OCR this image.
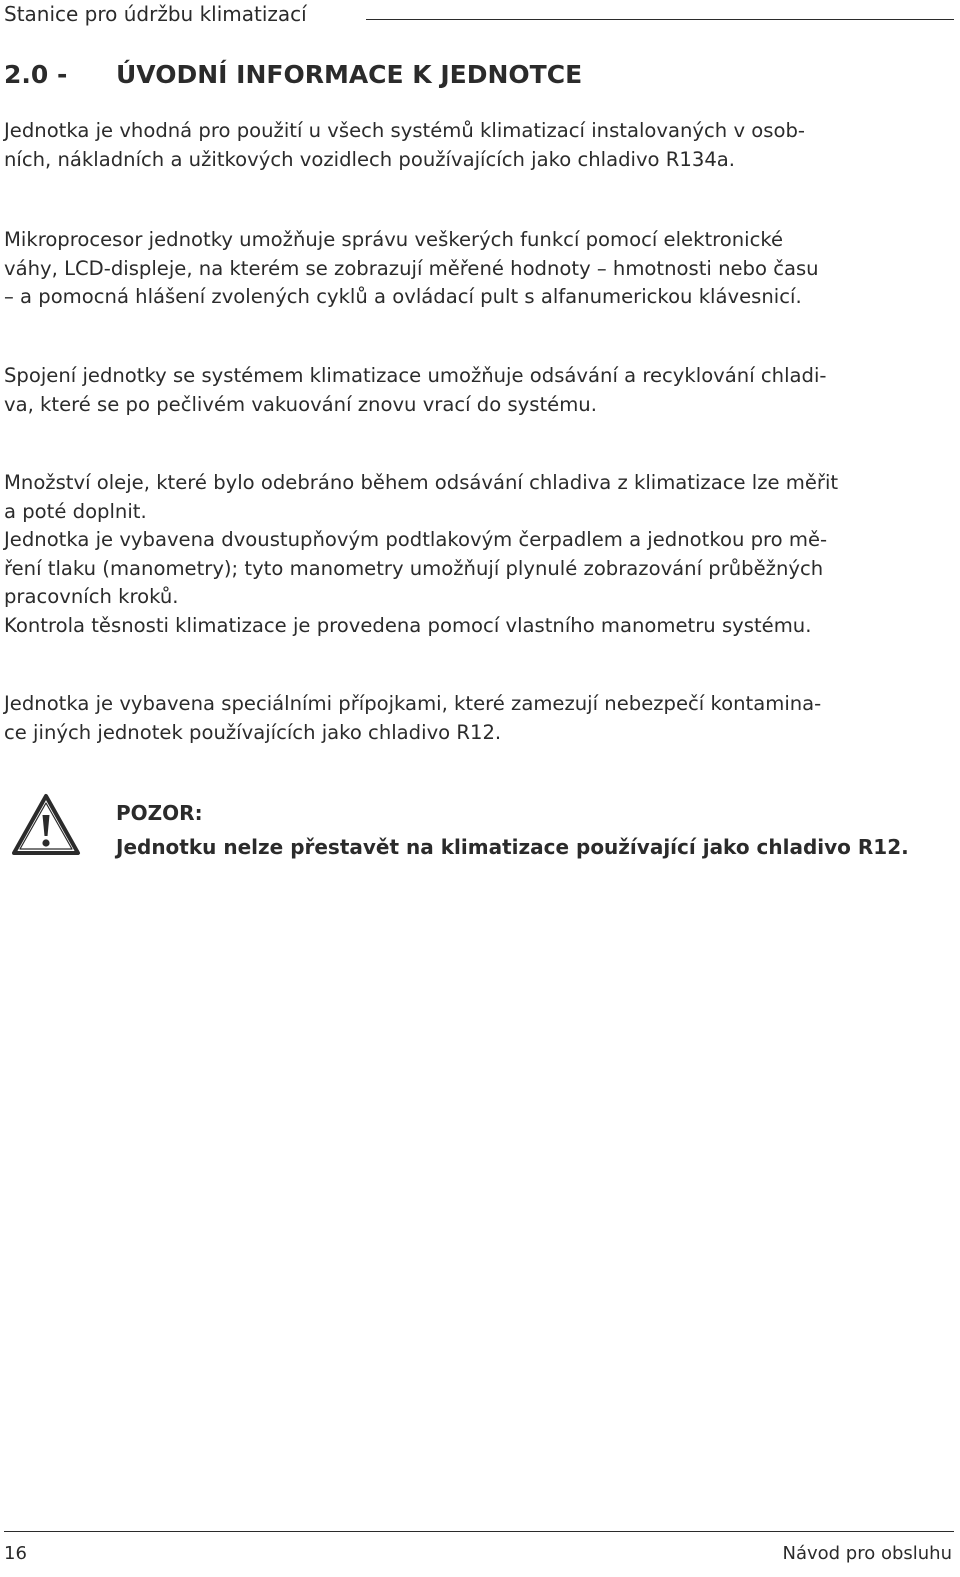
Stanice pro údržbu klimatizací
2.0 - ÚVODNÍ INFORMACE K JEDNOTCE
Jednotka je vhodná pro použití u všech systémů klimatizací instalovaných v osob-
ních, nákladních a užitkových vozidlech používajících jako chladivo R134a.
Mikroprocesor jednotky umožňuje správu veškerých funkcí pomocí elektronické
váhy, LCD-displeje, na kterém se zobrazují měřené hodnoty – hmotnosti nebo času
– a pomocná hlášení zvolených cyklů a ovládací pult s alfanumerickou klávesnicí.
Spojení jednotky se systémem klimatizace umožňuje odsávání a recyklování chladi-
va, které se po pečlivém vakuování znovu vrací do systému.
Množství oleje, které bylo odebráno během odsávání chladiva z klimatizace lze měřit
a poté doplnit.
Jednotka je vybavena dvoustupňovým podtlakovým čerpadlem a jednotkou pro mě-
ření tlaku (manometry); tyto manometry umožňují plynulé zobrazování průběžných
pracovních kroků.
Kontrola těsnosti klimatizace je provedena pomocí vlastního manometru systému.
Jednotka je vybavena speciálními přípojkami, které zamezují nebezpečí kontamina-
ce jiných jednotek používajících jako chladivo R12.
POZOR:
Jednotku nelze přestavět na klimatizace používající jako chladivo R12.
16	Návod pro obsluhu
